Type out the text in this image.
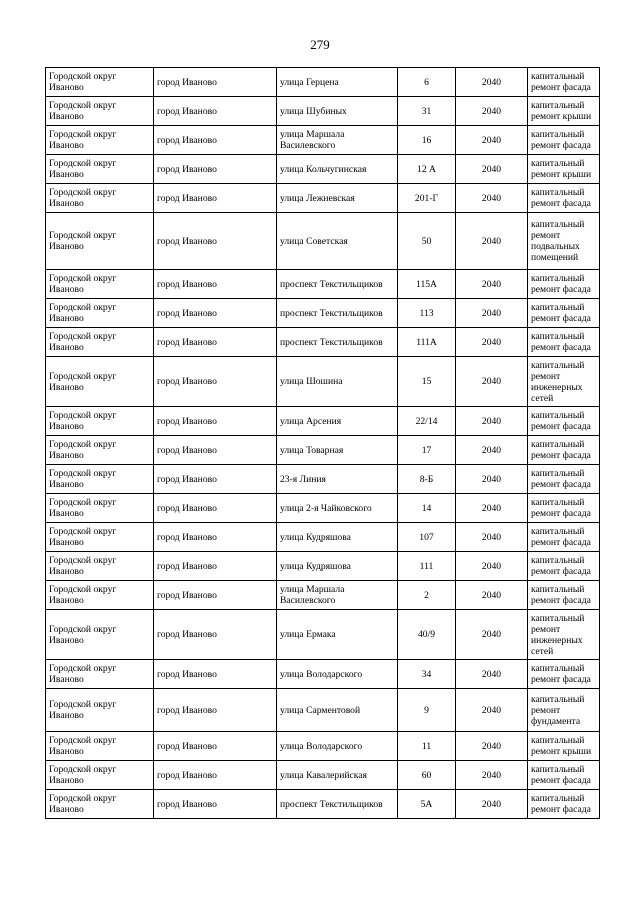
279
Городской округ Иваново	город Иваново	улица Герцена	6	2040	капитальный ремонт фасада
Городской округ Иваново	город Иваново	улица Шубиных	31	2040	капитальный ремонт крыши
Городской округ Иваново	город Иваново	улица Маршала Василевского	16	2040	капитальный ремонт фасада
Городской округ Иваново	город Иваново	улица Кольчугинская	12 А	2040	капитальный ремонт крыши
Городской округ Иваново	город Иваново	улица Лежневская	201-Г	2040	капитальный ремонт фасада
Городской округ Иваново	город Иваново	улица Советская	50	2040	капитальный ремонт подвальных помещений
Городской округ Иваново	город Иваново	проспект Текстильщиков	115А	2040	капитальный ремонт фасада
Городской округ Иваново	город Иваново	проспект Текстильщиков	113	2040	капитальный ремонт фасада
Городской округ Иваново	город Иваново	проспект Текстильщиков	111А	2040	капитальный ремонт фасада
Городской округ Иваново	город Иваново	улица Шошина	15	2040	капитальный ремонт инженерных сетей
Городской округ Иваново	город Иваново	улица Арсения	22/14	2040	капитальный ремонт фасада
Городской округ Иваново	город Иваново	улица Товарная	17	2040	капитальный ремонт фасада
Городской округ Иваново	город Иваново	23-я Линия	8-Б	2040	капитальный ремонт фасада
Городской округ Иваново	город Иваново	улица 2-я Чайковского	14	2040	капитальный ремонт фасада
Городской округ Иваново	город Иваново	улица Кудряшова	107	2040	капитальный ремонт фасада
Городской округ Иваново	город Иваново	улица Кудряшова	111	2040	капитальный ремонт фасада
Городской округ Иваново	город Иваново	улица Маршала Василевского	2	2040	капитальный ремонт фасада
Городской округ Иваново	город Иваново	улица Ермака	40/9	2040	капитальный ремонт инженерных сетей
Городской округ Иваново	город Иваново	улица Володарского	34	2040	капитальный ремонт фасада
Городской округ Иваново	город Иваново	улица Сарментовой	9	2040	капитальный ремонт фундамента
Городской округ Иваново	город Иваново	улица Володарского	11	2040	капитальный ремонт крыши
Городской округ Иваново	город Иваново	улица Кавалерийская	60	2040	капитальный ремонт фасада
Городской округ Иваново	город Иваново	проспект Текстильщиков	5А	2040	капитальный ремонт фасада
